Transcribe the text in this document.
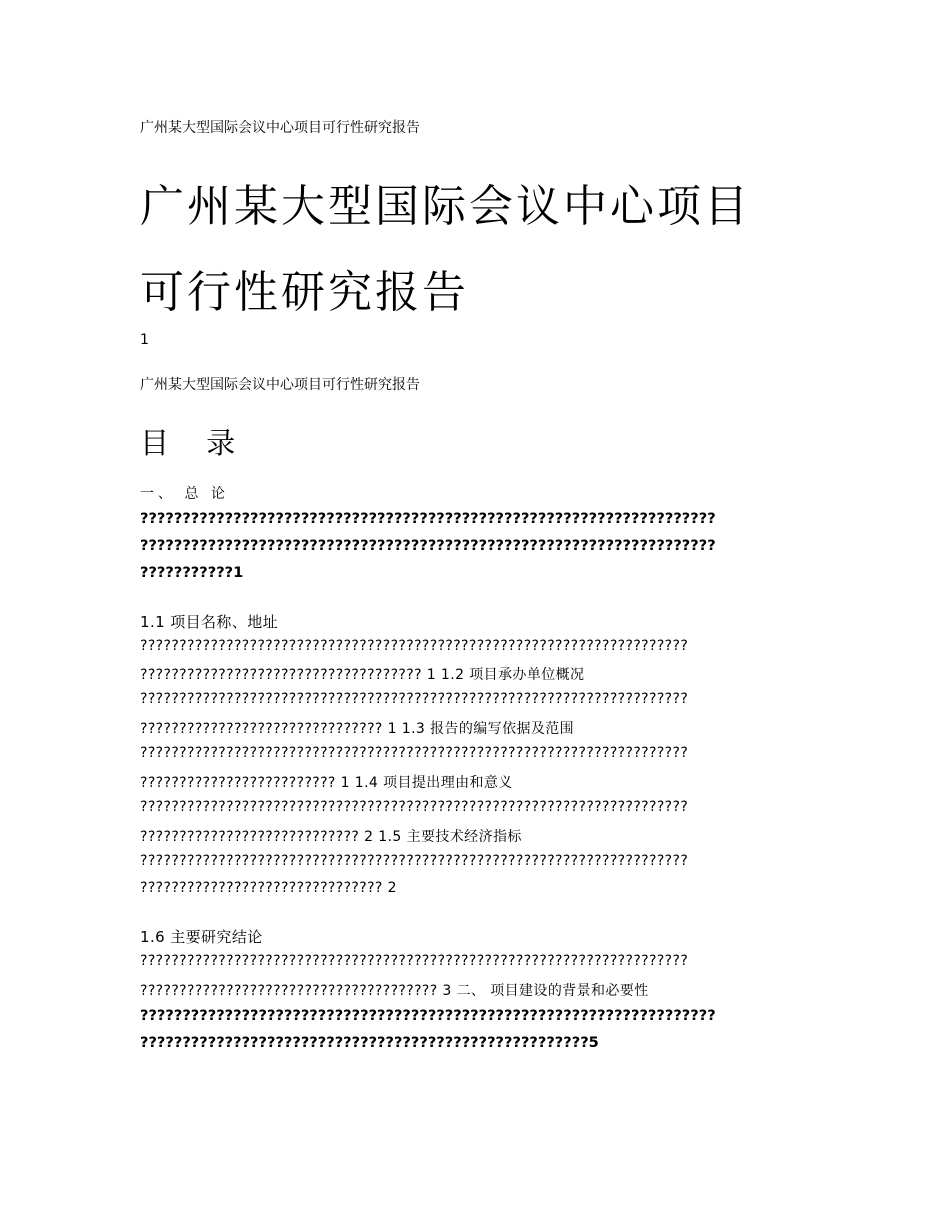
广州某大型国际会议中心项目可行性研究报告
广州某大型国际会议中心项目
可行性研究报告
1
广州某大型国际会议中心项目可行性研究报告
目 录
一、 总 论
????????????????????????????????????????????????????????????????????
????????????????????????????????????????????????????????????????????
???????????1
1.1 项目名称、地址
??????????????????????????????????????????????????????????????????????
???????????????????????????????????? 1 1.2 项目承办单位概况
??????????????????????????????????????????????????????????????????????
??????????????????????????????? 1 1.3 报告的编写依据及范围
??????????????????????????????????????????????????????????????????????
????????????????????????? 1 1.4 项目提出理由和意义
??????????????????????????????????????????????????????????????????????
???????????????????????????? 2 1.5 主要技术经济指标
??????????????????????????????????????????????????????????????????????
??????????????????????????????? 2
1.6 主要研究结论
??????????????????????????????????????????????????????????????????????
?????????????????????????????????????? 3 二、 项目建设的背景和必要性
????????????????????????????????????????????????????????????????????
?????????????????????????????????????????????????????5
